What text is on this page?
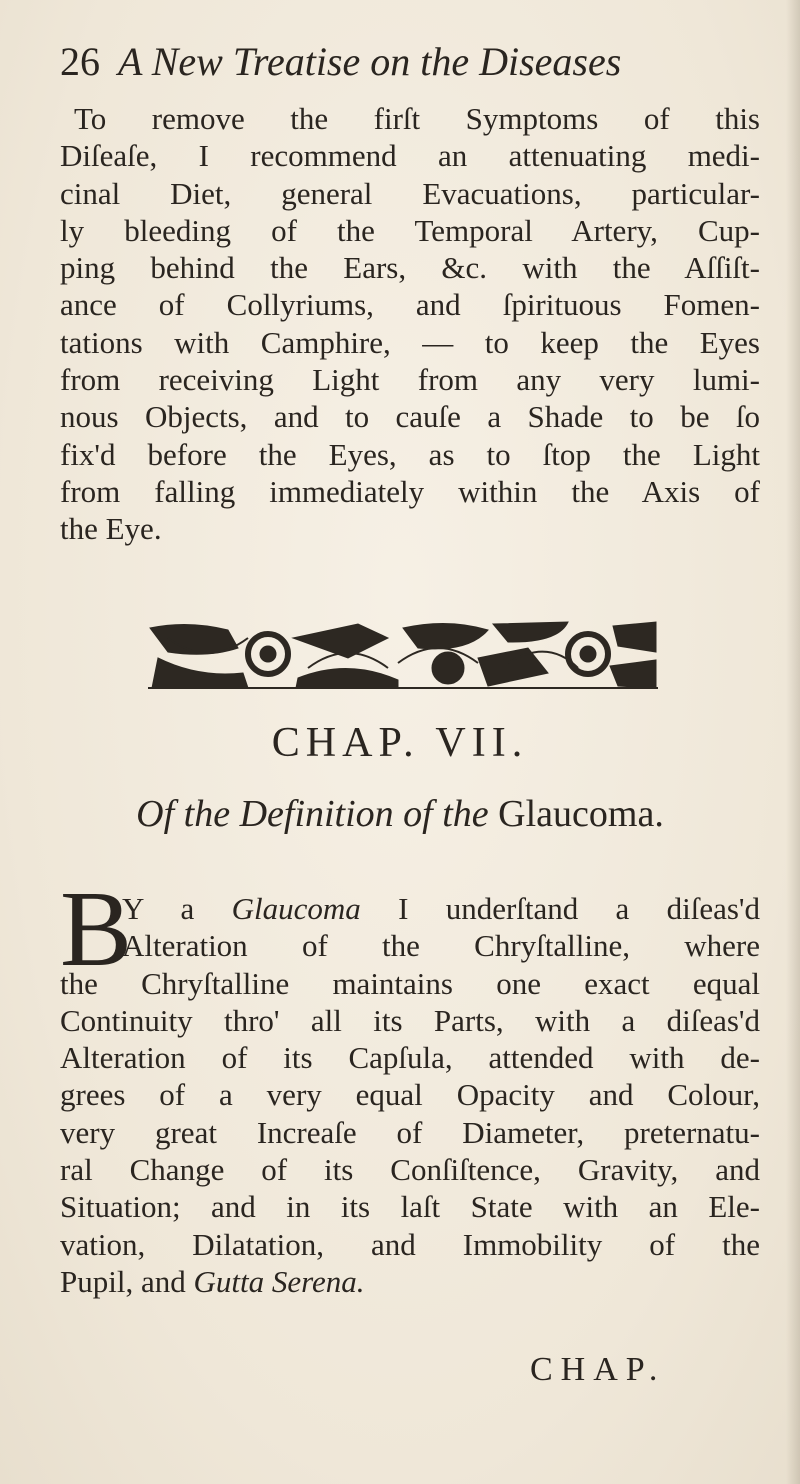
26 A New Treatise on the Diseases
To remove the firſt Symptoms of this
Diſeaſe, I recommend an attenuating medi-
cinal Diet, general Evacuations, particular-
ly bleeding of the Temporal Artery, Cup-
ping behind the Ears, &c. with the Aſſiſt-
ance of Collyriums, and ſpirituous Fomen-
tations with Camphire, — to keep the Eyes
from receiving Light from any very lumi-
nous Objects, and to cauſe a Shade to be ſo
fix'd before the Eyes, as to ſtop the Light
from falling immediately within the Axis of
the Eye.
CHAP. VII.
Of the Definition of the Glaucoma.
B
Y a Glaucoma I underſtand a diſeas'd
Alteration of the Chryſtalline, where
the Chryſtalline maintains one exact equal
Continuity thro' all its Parts, with a diſeas'd
Alteration of its Capſula, attended with de-
grees of a very equal Opacity and Colour,
very great Increaſe of Diameter, preternatu-
ral Change of its Conſiſtence, Gravity, and
Situation; and in its laſt State with an Ele-
vation, Dilatation, and Immobility of the
Pupil, and Gutta Serena.
CHAP.
